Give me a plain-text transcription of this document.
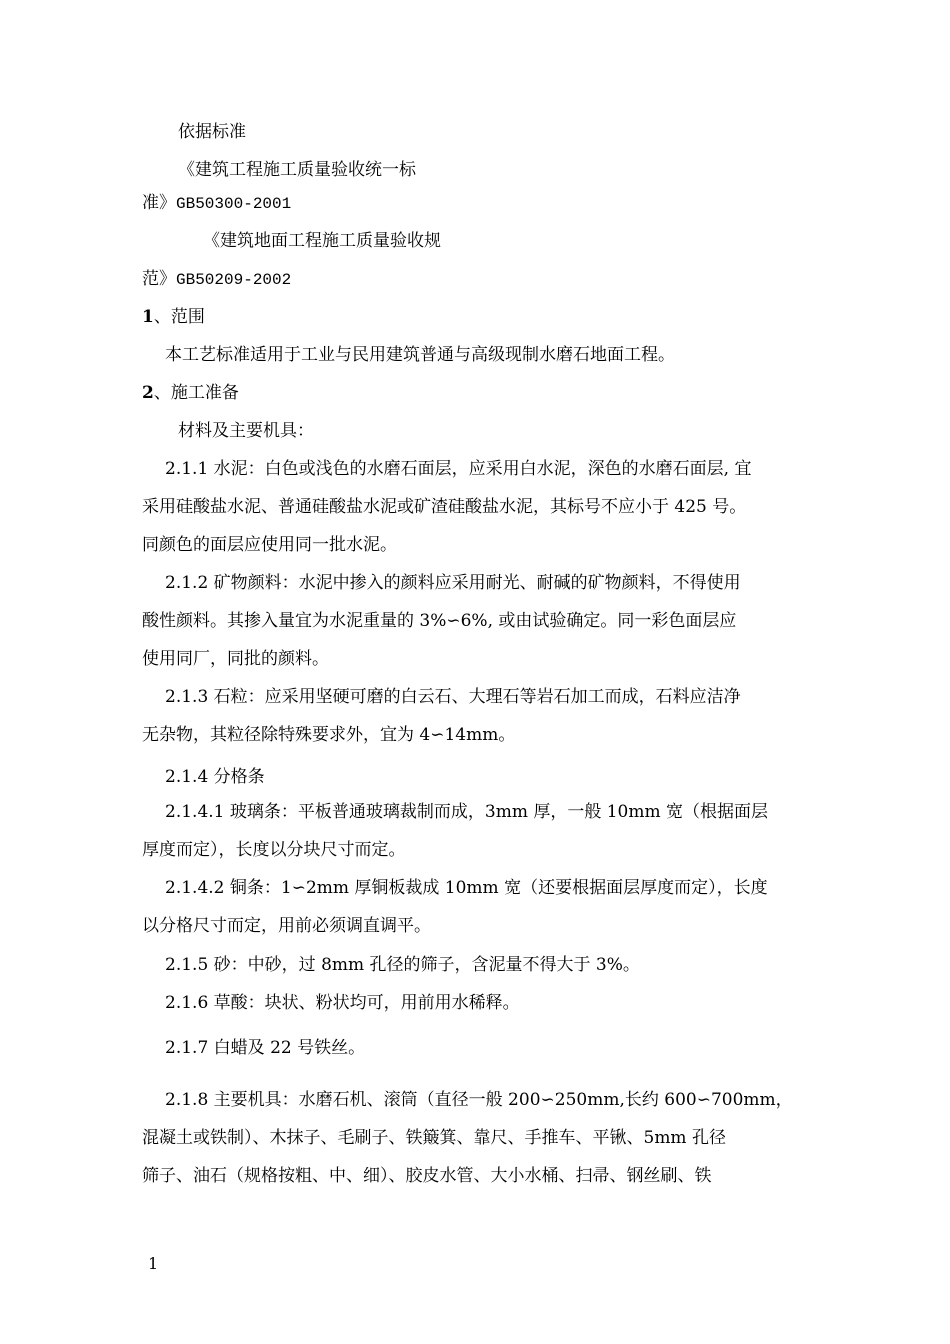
依据标准
《建筑工程施工质量验收统一标
准》GB50300-2001
《建筑地面工程施工质量验收规
范》GB50209-2002
1、范围
本工艺标准适用于工业与民用建筑普通与高级现制水磨石地面工程。
2、施工准备
材料及主要机具：
2.1.1 水泥：白色或浅色的水磨石面层，应采用白水泥，深色的水磨石面层, 宜
采用硅酸盐水泥、普通硅酸盐水泥或矿渣硅酸盐水泥，其标号不应小于 425 号。
同颜色的面层应使用同一批水泥。
2.1.2 矿物颜料：水泥中掺入的颜料应采用耐光、耐碱的矿物颜料，不得使用
酸性颜料。其掺入量宜为水泥重量的 3%∽6%, 或由试验确定。同一彩色面层应
使用同厂，同批的颜料。
2.1.3 石粒：应采用坚硬可磨的白云石、大理石等岩石加工而成，石料应洁净
无杂物，其粒径除特殊要求外，宜为 4∽14mm。
2.1.4 分格条
2.1.4.1 玻璃条：平板普通玻璃裁制而成，3mm 厚，一般 10mm 宽（根据面层
厚度而定），长度以分块尺寸而定。
2.1.4.2 铜条：1∽2mm 厚铜板裁成 10mm 宽（还要根据面层厚度而定），长度
以分格尺寸而定，用前必须调直调平。
2.1.5 砂：中砂，过 8mm 孔径的筛子，含泥量不得大于 3%。
2.1.6 草酸：块状、粉状均可，用前用水稀释。
2.1.7 白蜡及 22 号铁丝。
2.1.8 主要机具：水磨石机、滚筒（直径一般 200∽250mm,长约 600∽700mm，
混凝土或铁制）、木抹子、毛刷子、铁簸箕、靠尺、手推车、平锹、5mm 孔径
筛子、油石（规格按粗、中、细）、胶皮水管、大小水桶、扫帚、钢丝刷、铁
1
